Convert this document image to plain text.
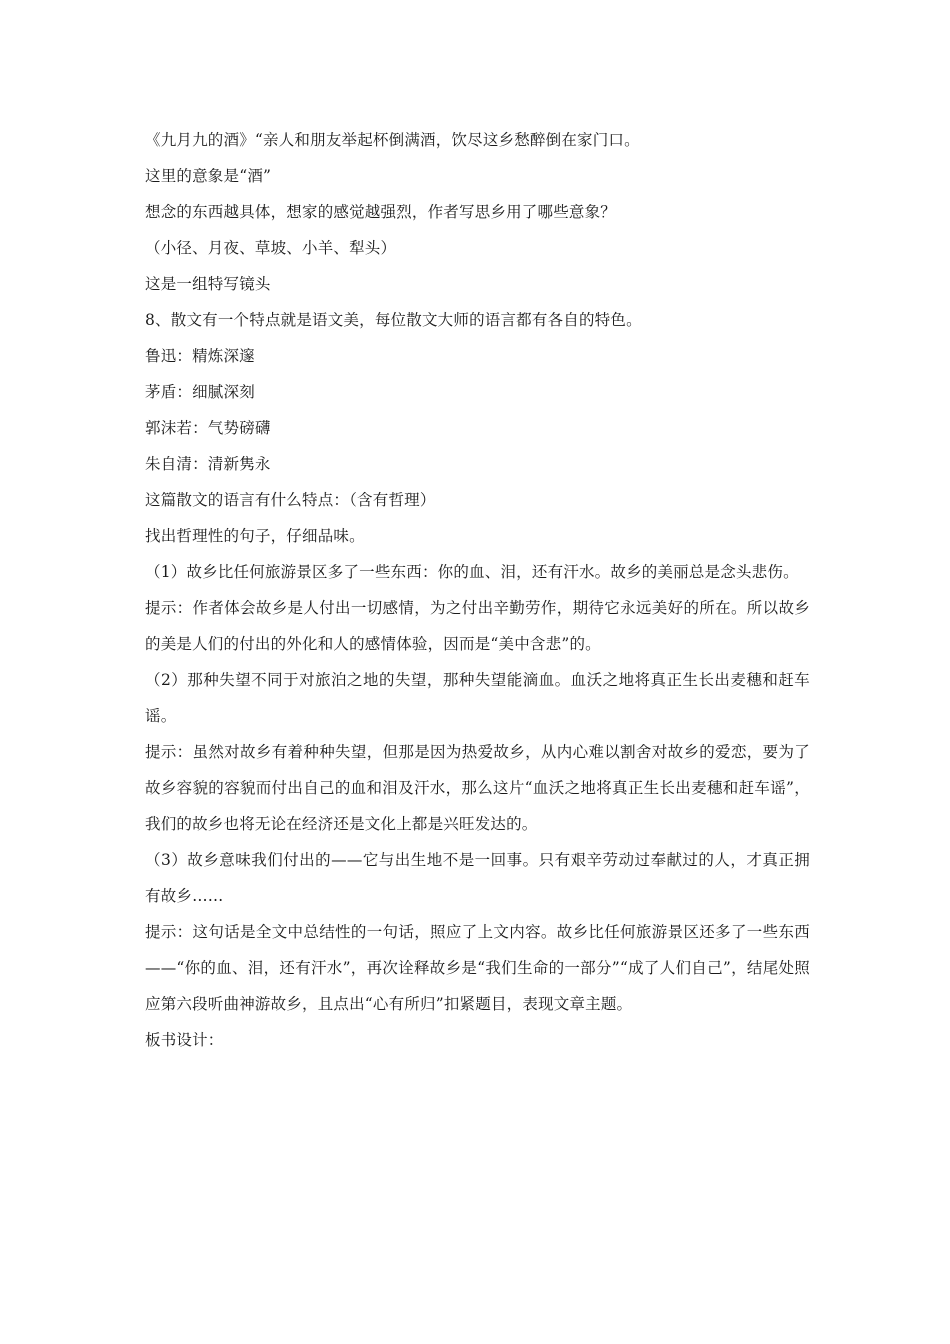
《九月九的酒》“亲人和朋友举起杯倒满酒，饮尽这乡愁醉倒在家门口。
这里的意象是“酒”
想念的东西越具体，想家的感觉越强烈，作者写思乡用了哪些意象？
（小径、月夜、草坡、小羊、犁头）
这是一组特写镜头
8、散文有一个特点就是语文美，每位散文大师的语言都有各自的特色。
鲁迅：精炼深邃
茅盾：细腻深刻
郭沫若：气势磅礴
朱自清：清新隽永
这篇散文的语言有什么特点：（含有哲理）
找出哲理性的句子，仔细品味。
（1）故乡比任何旅游景区多了一些东西：你的血、泪，还有汗水。故乡的美丽总是念头悲伤。
提示：作者体会故乡是人付出一切感情，为之付出辛勤劳作，期待它永远美好的所在。所以故乡的美是人们的付出的外化和人的感情体验，因而是“美中含悲”的。
（2）那种失望不同于对旅泊之地的失望，那种失望能滴血。血沃之地将真正生长出麦穗和赶车谣。
提示：虽然对故乡有着种种失望，但那是因为热爱故乡，从内心难以割舍对故乡的爱恋，要为了故乡容貌的容貌而付出自己的血和泪及汗水，那么这片“血沃之地将真正生长出麦穗和赶车谣”，我们的故乡也将无论在经济还是文化上都是兴旺发达的。
（3）故乡意味我们付出的——它与出生地不是一回事。只有艰辛劳动过奉献过的人，才真正拥有故乡……
提示：这句话是全文中总结性的一句话，照应了上文内容。故乡比任何旅游景区还多了一些东西——“你的血、泪，还有汗水”，再次诠释故乡是“我们生命的一部分”“成了人们自己”，结尾处照应第六段听曲神游故乡，且点出“心有所归”扣紧题目，表现文章主题。
板书设计：
